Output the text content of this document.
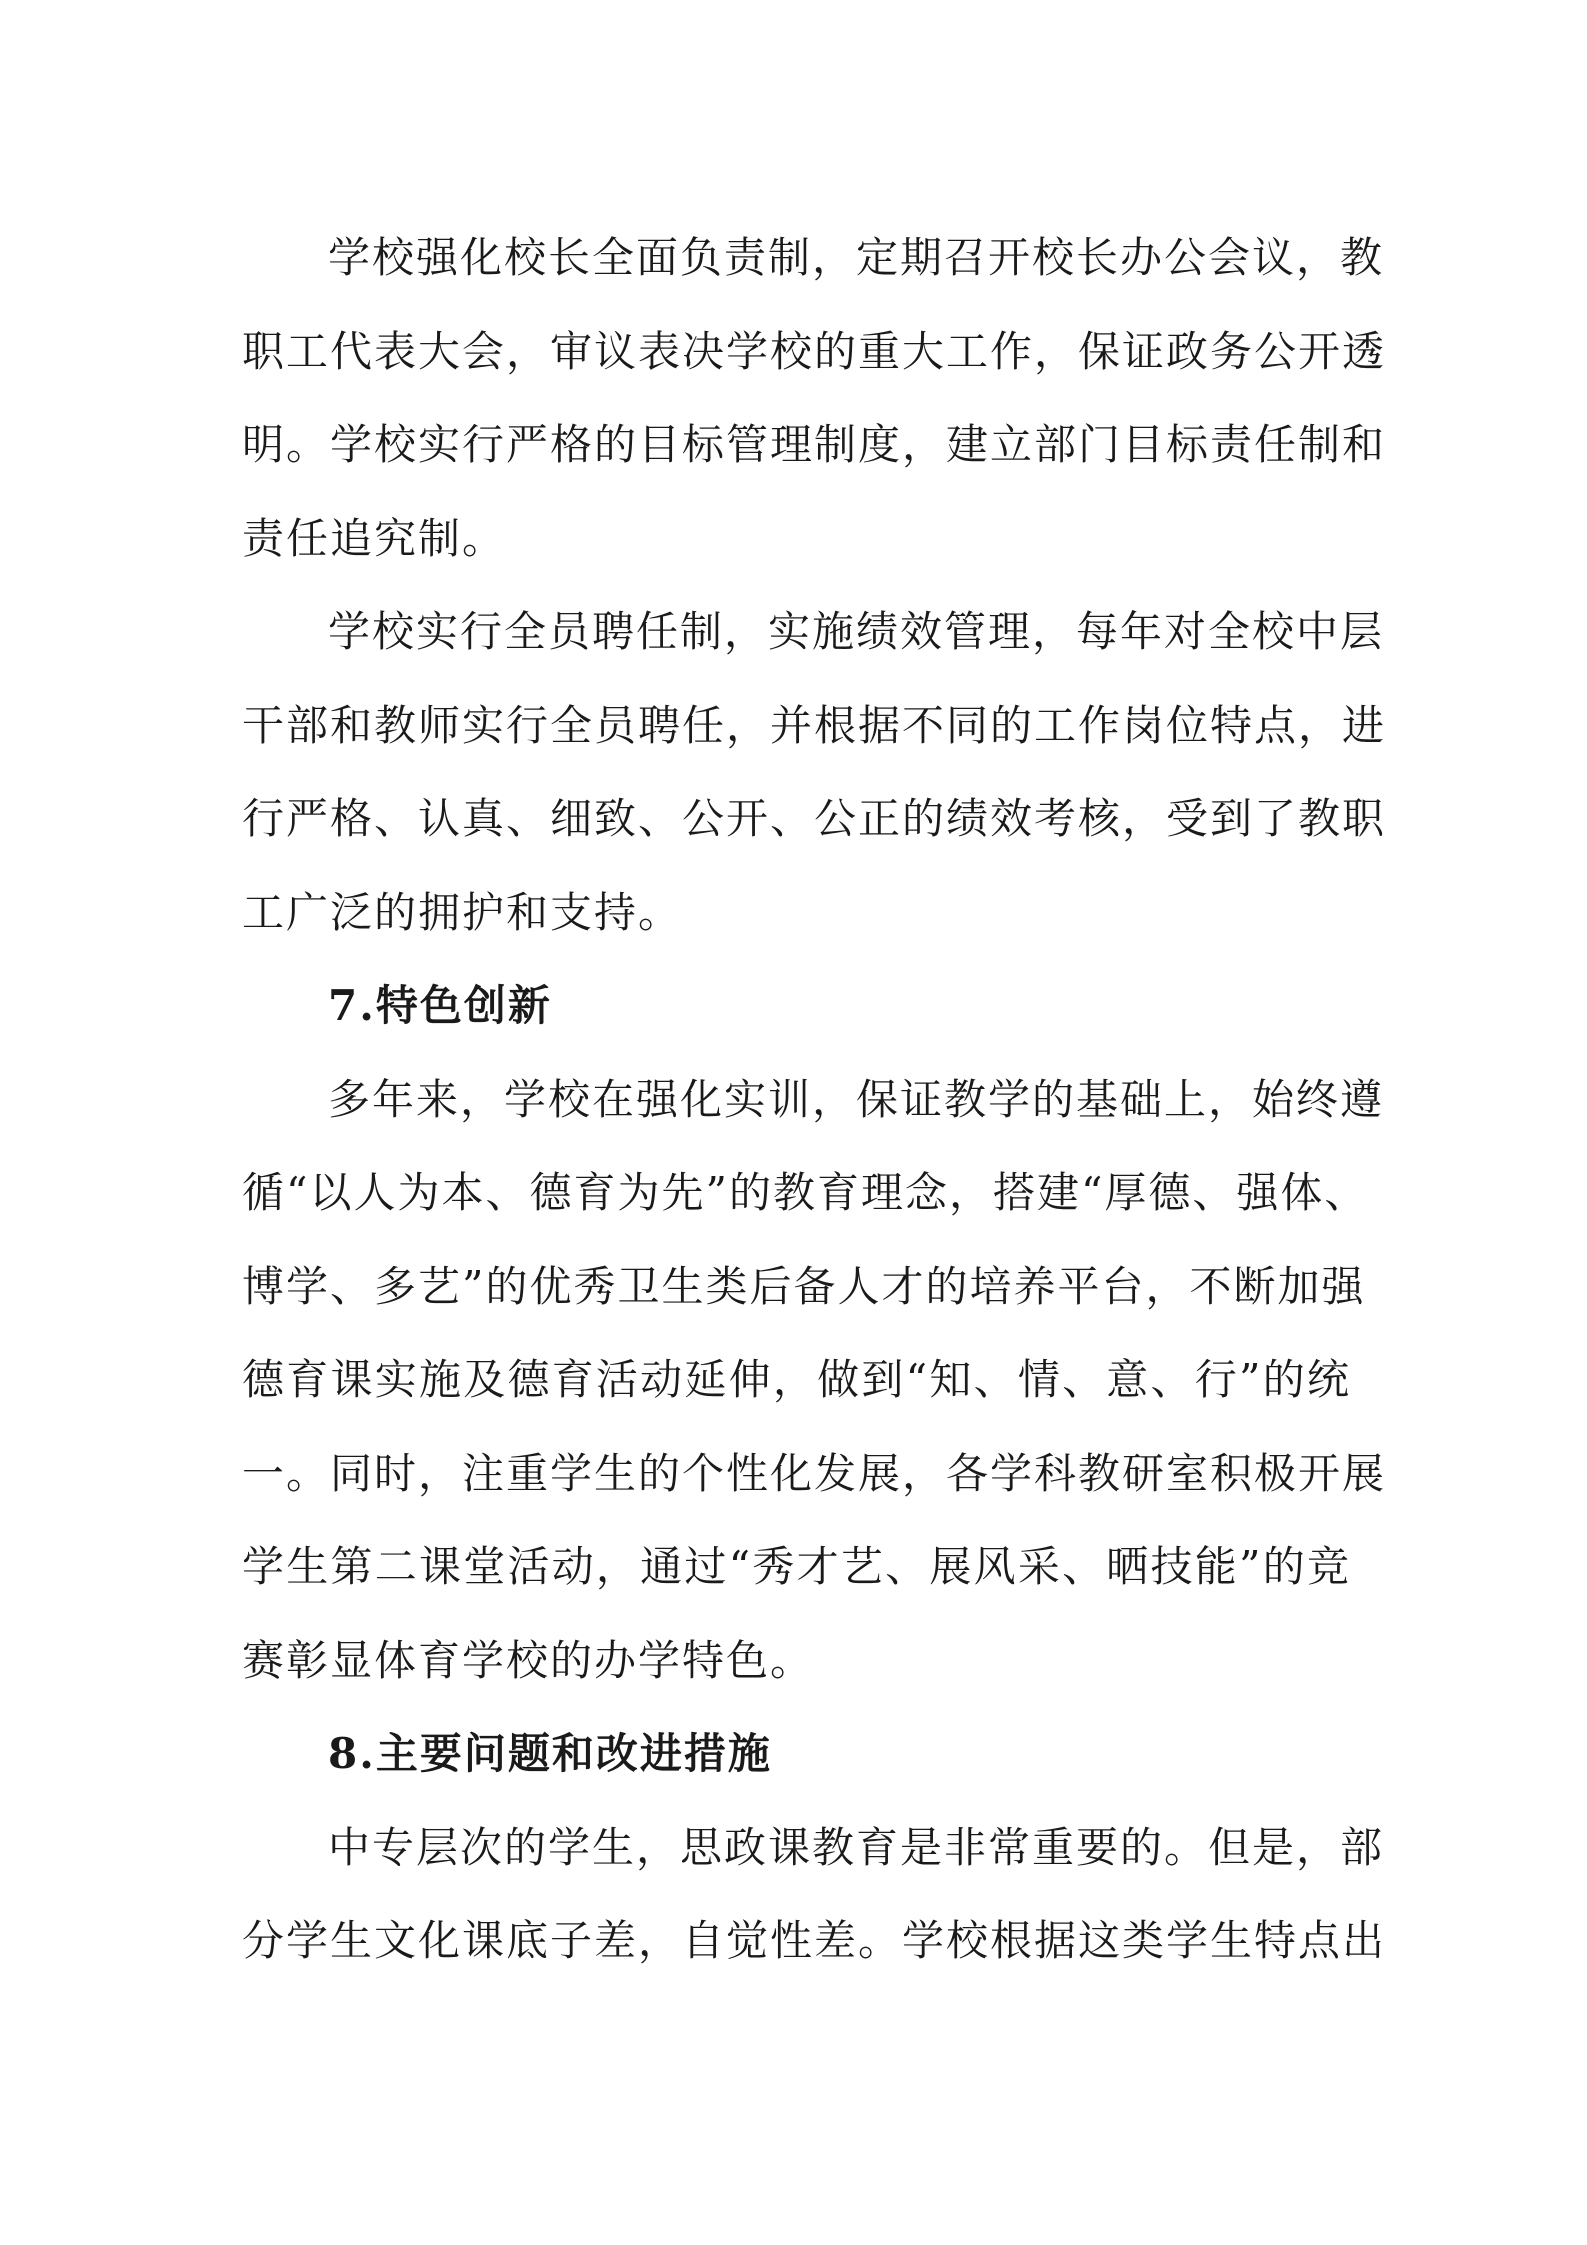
学校强化校长全面负责制，定期召开校长办公会议，教
职工代表大会，审议表决学校的重大工作，保证政务公开透
明。学校实行严格的目标管理制度，建立部门目标责任制和
责任追究制。
学校实行全员聘任制，实施绩效管理，每年对全校中层
干部和教师实行全员聘任，并根据不同的工作岗位特点，进
行严格、认真、细致、公开、公正的绩效考核，受到了教职
工广泛的拥护和支持。
7.特色创新
多年来，学校在强化实训，保证教学的基础上，始终遵
循“以人为本、德育为先”的教育理念，搭建“厚德、强体、
博学、多艺”的优秀卫生类后备人才的培养平台，不断加强
德育课实施及德育活动延伸，做到“知、情、意、行”的统
一。同时，注重学生的个性化发展，各学科教研室积极开展
学生第二课堂活动，通过“秀才艺、展风采、晒技能”的竞
赛彰显体育学校的办学特色。
8.主要问题和改进措施
中专层次的学生，思政课教育是非常重要的。但是，部
分学生文化课底子差，自觉性差。学校根据这类学生特点出
